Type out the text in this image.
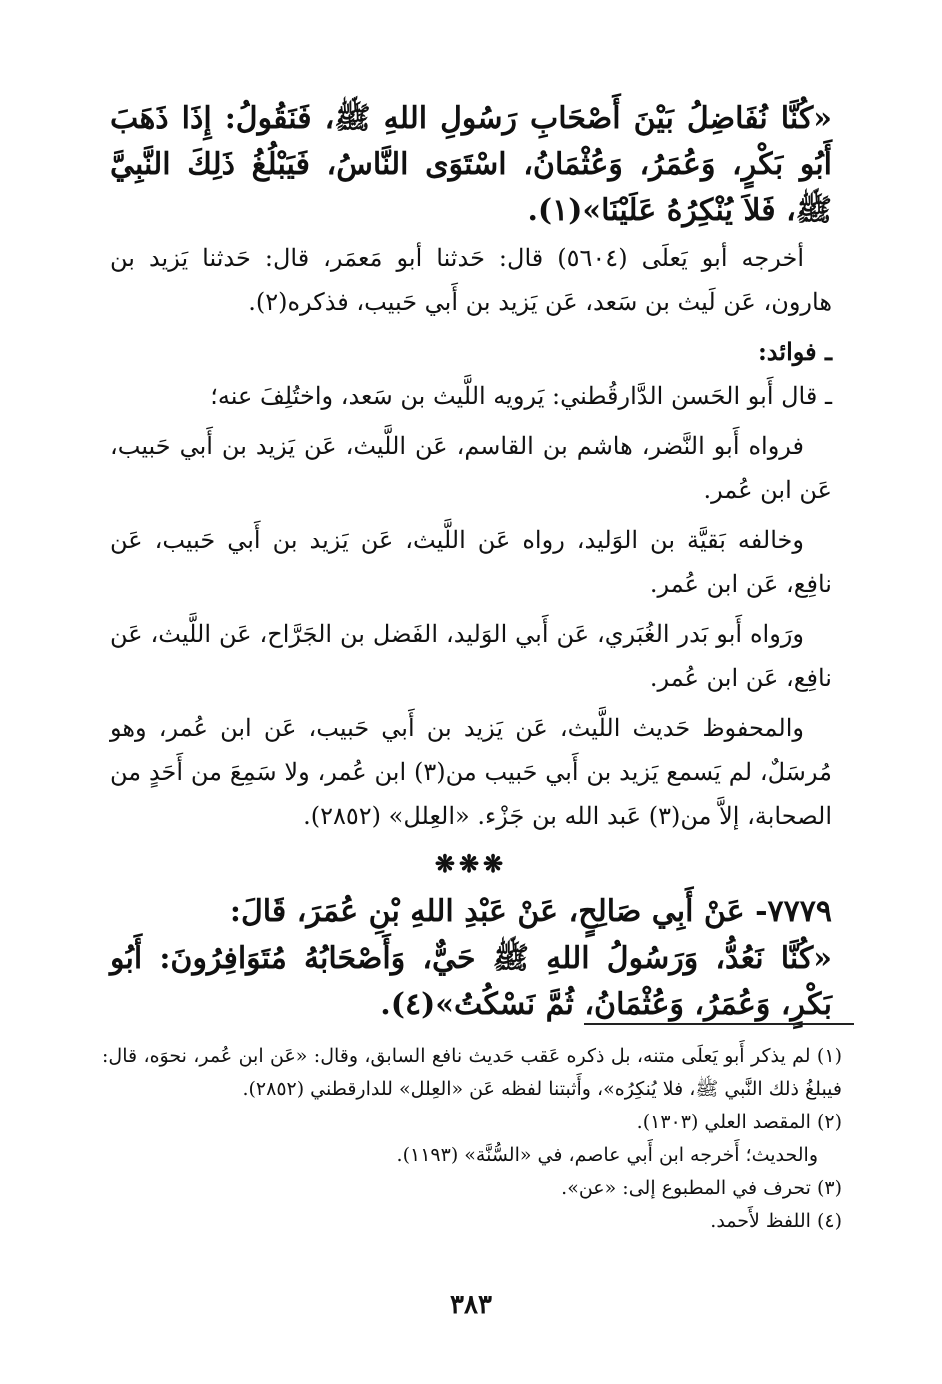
«كُنَّا نُفَاضِلُ بَيْنَ أَصْحَابِ رَسُولِ اللهِ ﷺ، فَنَقُولُ: إِذَا ذَهَبَ أَبُو بَكْرٍ، وَعُمَرُ، وَعُثْمَانُ، اسْتَوَى النَّاسُ، فَيَبْلُغُ ذَلِكَ النَّبِيَّ ﷺ، فَلاَ يُنْكِرُهُ عَلَيْنَا»(١).

أخرجه أبو يَعلَى (٥٦٠٤) قال: حَدثنا أبو مَعمَر، قال: حَدثنا يَزيد بن هارون، عَن لَيث بن سَعد، عَن يَزيد بن أَبي حَبيب، فذكره(٢).

ـ فوائد:

ـ قال أَبو الحَسن الدَّارقُطني: يَرويه اللَّيث بن سَعد، واختُلِفَ عنه؛

فرواه أَبو النَّضر، هاشم بن القاسم، عَن اللَّيث، عَن يَزيد بن أَبي حَبيب، عَن ابن عُمر.

وخالفه بَقيَّة بن الوَليد، رواه عَن اللَّيث، عَن يَزيد بن أَبي حَبيب، عَن نافِع، عَن ابن عُمر.

ورَواه أَبو بَدر الغُبَري، عَن أَبي الوَليد، الفَضل بن الجَرَّاح، عَن اللَّيث، عَن نافِع، عَن ابن عُمر.

والمحفوظ حَديث اللَّيث، عَن يَزيد بن أَبي حَبيب، عَن ابن عُمر، وهو مُرسَلٌ، لم يَسمع يَزيد بن أَبي حَبيب من(٣) ابن عُمر، ولا سَمِعَ من أَحَدٍ من الصحابة، إلاَّ من(٣) عَبد الله بن جَزْء. «العِلل» (٢٨٥٢).

❋❋❋

٧٧٧٩- عَنْ أَبِي صَالِحٍ، عَنْ عَبْدِ اللهِ بْنِ عُمَرَ، قَالَ:

«كُنَّا نَعُدُّ، وَرَسُولُ اللهِ ﷺ حَيٌّ، وَأَصْحَابُهُ مُتَوَافِرُونَ: أَبُو بَكْرٍ، وَعُمَرُ، وَعُثْمَانُ، ثُمَّ نَسْكُتُ»(٤).

(١) لم يذكر أَبو يَعلَى متنه، بل ذكره عَقب حَديث نافع السابق، وقال: «عَن ابن عُمر، نحوَه، قال: فيبلغُ ذلك النَّبي ﷺ، فلا يُنكِرُه»، وأَثبتنا لفظه عَن «العِلل» للدارقطني (٢٨٥٢).

(٢) المقصد العلي (١٣٠٣).

والحديث؛ أَخرجه ابن أَبي عاصم، في «السُّنَّة» (١١٩٣).

(٣) تحرف في المطبوع إلى: «عن».

(٤) اللفظ لأَحمد.

٣٨٣
